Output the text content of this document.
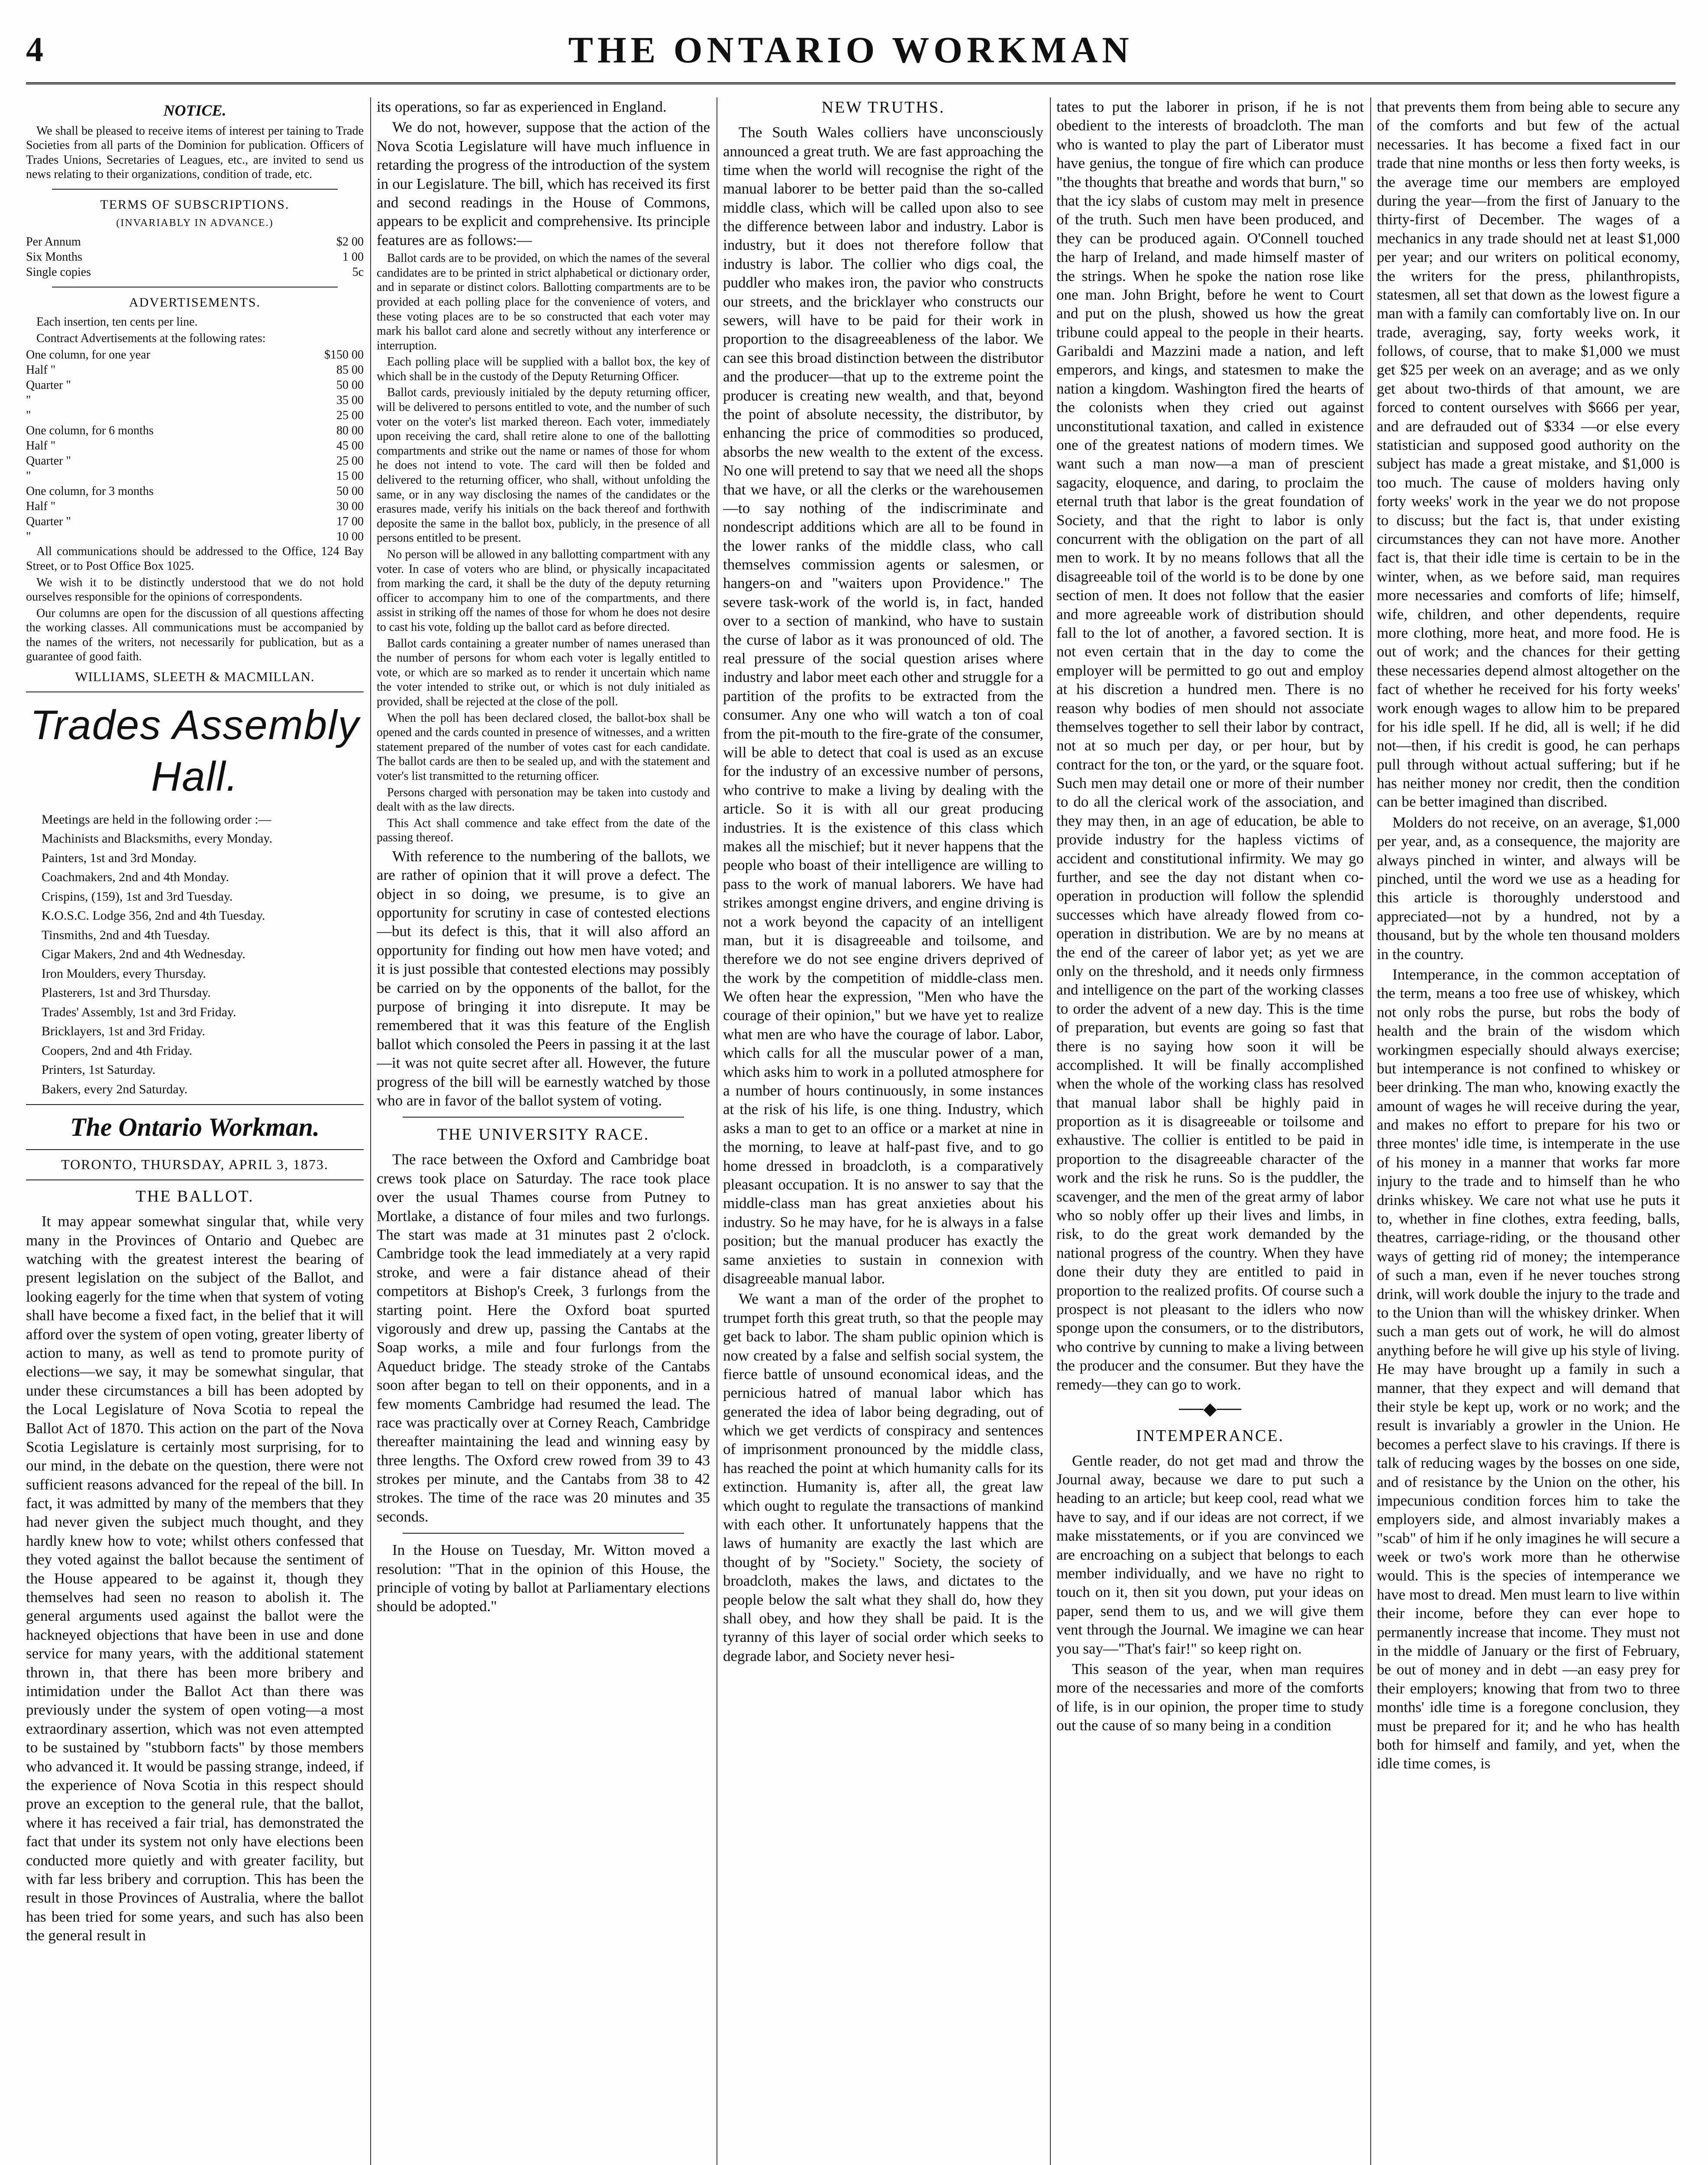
4	THE ONTARIO WORKMAN
NOTICE.

We shall be pleased to receive items of interest per taining to Trade Societies from all parts of the Dominion for publication. Officers of Trades Unions, Secretaries of Leagues, etc., are invited to send us news relating to their organizations, condition of trade, etc.

TERMS OF SUBSCRIPTIONS.
(INVARIABLY IN ADVANCE.)
Per Annum	$2 00
Six Months	1 00
Single copies	5c
ADVERTISEMENTS.

Each insertion, ten cents per line.

Contract Advertisements at the following rates:

One column, for one year	$150 00
Half "	85 00
Quarter "	50 00
"	35 00
"	25 00
One column, for 6 months	80 00
Half "	45 00
Quarter "	25 00
"	15 00
One column, for 3 months	50 00
Half "	30 00
Quarter "	17 00
"	10 00

All communications should be addressed to the Office, 124 Bay Street, or to Post Office Box 1025.

We wish it to be distinctly understood that we do not hold ourselves responsible for the opinions of correspondents.

Our columns are open for the discussion of all questions affecting the working classes. All communications must be accompanied by the names of the writers, not necessarily for publication, but as a guarantee of good faith.

WILLIAMS, SLEETH & MACMILLAN.
Trades Assembly Hall.

Meetings are held in the following order :—

Machinists and Blacksmiths, every Monday.

Painters, 1st and 3rd Monday.

Coachmakers, 2nd and 4th Monday.

Crispins, (159), 1st and 3rd Tuesday.

K.O.S.C. Lodge 356, 2nd and 4th Tuesday.

Tinsmiths, 2nd and 4th Tuesday.

Cigar Makers, 2nd and 4th Wednesday.

Iron Moulders, every Thursday.

Plasterers, 1st and 3rd Thursday.

Trades' Assembly, 1st and 3rd Friday.

Bricklayers, 1st and 3rd Friday.

Coopers, 2nd and 4th Friday.

Printers, 1st Saturday.

Bakers, every 2nd Saturday.

The Ontario Workman.
TORONTO, THURSDAY, APRIL 3, 1873.
THE BALLOT.

It may appear somewhat singular that, while very many in the Provinces of Ontario and Quebec are watching with the greatest interest the bearing of present legislation on the subject of the Ballot, and looking eagerly for the time when that system of voting shall have become a fixed fact, in the belief that it will afford over the system of open voting, greater liberty of action to many, as well as tend to promote purity of elections—we say, it may be somewhat singular, that under these circumstances a bill has been adopted by the Local Legislature of Nova Scotia to repeal the Ballot Act of 1870. This action on the part of the Nova Scotia Legislature is certainly most surprising, for to our mind, in the debate on the question, there were not sufficient reasons advanced for the repeal of the bill. In fact, it was admitted by many of the members that they had never given the subject much thought, and they hardly knew how to vote; whilst others confessed that they voted against the ballot because the sentiment of the House appeared to be against it, though they themselves had seen no reason to abolish it. The general arguments used against the ballot were the hackneyed objections that have been in use and done service for many years, with the additional statement thrown in, that there has been more bribery and intimidation under the Ballot Act than there was previously under the system of open voting—a most extraordinary assertion, which was not even attempted to be sustained by "stubborn facts" by those members who advanced it. It would be passing strange, indeed, if the experience of Nova Scotia in this respect should prove an exception to the general rule, that the ballot, where it has received a fair trial, has demonstrated the fact that under its system not only have elections been conducted more quietly and with greater facility, but with far less bribery and corruption. This has been the result in those Provinces of Australia, where the ballot has been tried for some years, and such has also been the general result in

its operations, so far as experienced in England.

We do not, however, suppose that the action of the Nova Scotia Legislature will have much influence in retarding the progress of the introduction of the system in our Legislature. The bill, which has received its first and second readings in the House of Commons, appears to be explicit and comprehensive. Its principle features are as follows:—

Ballot cards are to be provided, on which the names of the several candidates are to be printed in strict alphabetical or dictionary order, and in separate or distinct colors. Ballotting compartments are to be provided at each polling place for the convenience of voters, and these voting places are to be so constructed that each voter may mark his ballot card alone and secretly without any interference or interruption.

Each polling place will be supplied with a ballot box, the key of which shall be in the custody of the Deputy Returning Officer.

Ballot cards, previously initialed by the deputy returning officer, will be delivered to persons entitled to vote, and the number of such voter on the voter's list marked thereon. Each voter, immediately upon receiving the card, shall retire alone to one of the ballotting compartments and strike out the name or names of those for whom he does not intend to vote. The card will then be folded and delivered to the returning officer, who shall, without unfolding the same, or in any way disclosing the names of the candidates or the erasures made, verify his initials on the back thereof and forthwith deposite the same in the ballot box, publicly, in the presence of all persons entitled to be present.

No person will be allowed in any ballotting compartment with any voter. In case of voters who are blind, or physically incapacitated from marking the card, it shall be the duty of the deputy returning officer to accompany him to one of the compartments, and there assist in striking off the names of those for whom he does not desire to cast his vote, folding up the ballot card as before directed.

Ballot cards containing a greater number of names unerased than the number of persons for whom each voter is legally entitled to vote, or which are so marked as to render it uncertain which name the voter intended to strike out, or which is not duly initialed as provided, shall be rejected at the close of the poll.

When the poll has been declared closed, the ballot-box shall be opened and the cards counted in presence of witnesses, and a written statement prepared of the number of votes cast for each candidate. The ballot cards are then to be sealed up, and with the statement and voter's list transmitted to the returning officer.

Persons charged with personation may be taken into custody and dealt with as the law directs.

This Act shall commence and take effect from the date of the passing thereof.

With reference to the numbering of the ballots, we are rather of opinion that it will prove a defect. The object in so doing, we presume, is to give an opportunity for scrutiny in case of contested elections—but its defect is this, that it will also afford an opportunity for finding out how men have voted; and it is just possible that contested elections may possibly be carried on by the opponents of the ballot, for the purpose of bringing it into disrepute. It may be remembered that it was this feature of the English ballot which consoled the Peers in passing it at the last—it was not quite secret after all. However, the future progress of the bill will be earnestly watched by those who are in favor of the ballot system of voting.

THE UNIVERSITY RACE.

The race between the Oxford and Cambridge boat crews took place on Saturday. The race took place over the usual Thames course from Putney to Mortlake, a distance of four miles and two furlongs. The start was made at 31 minutes past 2 o'clock. Cambridge took the lead immediately at a very rapid stroke, and were a fair distance ahead of their competitors at Bishop's Creek, 3 furlongs from the starting point. Here the Oxford boat spurted vigorously and drew up, passing the Cantabs at the Soap works, a mile and four furlongs from the Aqueduct bridge. The steady stroke of the Cantabs soon after began to tell on their opponents, and in a few moments Cambridge had resumed the lead. The race was practically over at Corney Reach, Cambridge thereafter maintaining the lead and winning easy by three lengths. The Oxford crew rowed from 39 to 43 strokes per minute, and the Cantabs from 38 to 42 strokes. The time of the race was 20 minutes and 35 seconds.

In the House on Tuesday, Mr. Witton moved a resolution: "That in the opinion of this House, the principle of voting by ballot at Parliamentary elections should be adopted."

NEW TRUTHS.

The South Wales colliers have unconsciously announced a great truth. We are fast approaching the time when the world will recognise the right of the manual laborer to be better paid than the so-called middle class, which will be called upon also to see the difference between labor and industry. Labor is industry, but it does not therefore follow that industry is labor. The collier who digs coal, the puddler who makes iron, the pavior who constructs our streets, and the bricklayer who constructs our sewers, will have to be paid for their work in proportion to the disagreeableness of the labor. We can see this broad distinction between the distributor and the producer—that up to the extreme point the producer is creating new wealth, and that, beyond the point of absolute necessity, the distributor, by enhancing the price of commodities so produced, absorbs the new wealth to the extent of the excess. No one will pretend to say that we need all the shops that we have, or all the clerks or the warehousemen—to say nothing of the indiscriminate and nondescript additions which are all to be found in the lower ranks of the middle class, who call themselves commission agents or salesmen, or hangers-on and "waiters upon Providence." The severe task-work of the world is, in fact, handed over to a section of mankind, who have to sustain the curse of labor as it was pronounced of old. The real pressure of the social question arises where industry and labor meet each other and struggle for a partition of the profits to be extracted from the consumer. Any one who will watch a ton of coal from the pit-mouth to the fire-grate of the consumer, will be able to detect that coal is used as an excuse for the industry of an excessive number of persons, who contrive to make a living by dealing with the article. So it is with all our great producing industries. It is the existence of this class which makes all the mischief; but it never happens that the people who boast of their intelligence are willing to pass to the work of manual laborers. We have had strikes amongst engine drivers, and engine driving is not a work beyond the capacity of an intelligent man, but it is disagreeable and toilsome, and therefore we do not see engine drivers deprived of the work by the competition of middle-class men. We often hear the expression, "Men who have the courage of their opinion," but we have yet to realize what men are who have the courage of labor. Labor, which calls for all the muscular power of a man, which asks him to work in a polluted atmosphere for a number of hours continuously, in some instances at the risk of his life, is one thing. Industry, which asks a man to get to an office or a market at nine in the morning, to leave at half-past five, and to go home dressed in broadcloth, is a comparatively pleasant occupation. It is no answer to say that the middle-class man has great anxieties about his industry. So he may have, for he is always in a false position; but the manual producer has exactly the same anxieties to sustain in connexion with disagreeable manual labor.

We want a man of the order of the prophet to trumpet forth this great truth, so that the people may get back to labor. The sham public opinion which is now created by a false and selfish social system, the fierce battle of unsound economical ideas, and the pernicious hatred of manual labor which has generated the idea of labor being degrading, out of which we get verdicts of conspiracy and sentences of imprisonment pronounced by the middle class, has reached the point at which humanity calls for its extinction. Humanity is, after all, the great law which ought to regulate the transactions of mankind with each other. It unfortunately happens that the laws of humanity are exactly the last which are thought of by "Society." Society, the society of broadcloth, makes the laws, and dictates to the people below the salt what they shall do, how they shall obey, and how they shall be paid. It is the tyranny of this layer of social order which seeks to degrade labor, and Society never hesi-

tates to put the laborer in prison, if he is not obedient to the interests of broadcloth. The man who is wanted to play the part of Liberator must have genius, the tongue of fire which can produce "the thoughts that breathe and words that burn," so that the icy slabs of custom may melt in presence of the truth. Such men have been produced, and they can be produced again. O'Connell touched the harp of Ireland, and made himself master of the strings. When he spoke the nation rose like one man. John Bright, before he went to Court and put on the plush, showed us how the great tribune could appeal to the people in their hearts. Garibaldi and Mazzini made a nation, and left emperors, and kings, and statesmen to make the nation a kingdom. Washington fired the hearts of the colonists when they cried out against unconstitutional taxation, and called in existence one of the greatest nations of modern times. We want such a man now—a man of prescient sagacity, eloquence, and daring, to proclaim the eternal truth that labor is the great foundation of Society, and that the right to labor is only concurrent with the obligation on the part of all men to work. It by no means follows that all the disagreeable toil of the world is to be done by one section of men. It does not follow that the easier and more agreeable work of distribution should fall to the lot of another, a favored section. It is not even certain that in the day to come the employer will be permitted to go out and employ at his discretion a hundred men. There is no reason why bodies of men should not associate themselves together to sell their labor by contract, not at so much per day, or per hour, but by contract for the ton, or the yard, or the square foot. Such men may detail one or more of their number to do all the clerical work of the association, and they may then, in an age of education, be able to provide industry for the hapless victims of accident and constitutional infirmity. We may go further, and see the day not distant when co-operation in production will follow the splendid successes which have already flowed from co-operation in distribution. We are by no means at the end of the career of labor yet; as yet we are only on the threshold, and it needs only firmness and intelligence on the part of the working classes to order the advent of a new day. This is the time of preparation, but events are going so fast that there is no saying how soon it will be accomplished. It will be finally accomplished when the whole of the working class has resolved that manual labor shall be highly paid in proportion as it is disagreeable or toilsome and exhaustive. The collier is entitled to be paid in proportion to the disagreeable character of the work and the risk he runs. So is the puddler, the scavenger, and the men of the great army of labor who so nobly offer up their lives and limbs, in risk, to do the great work demanded by the national progress of the country. When they have done their duty they are entitled to paid in proportion to the realized profits. Of course such a prospect is not pleasant to the idlers who now sponge upon the consumers, or to the distributors, who contrive by cunning to make a living between the producer and the consumer. But they have the remedy—they can go to work.

──◆──
INTEMPERANCE.

Gentle reader, do not get mad and throw the Journal away, because we dare to put such a heading to an article; but keep cool, read what we have to say, and if our ideas are not correct, if we make misstatements, or if you are convinced we are encroaching on a subject that belongs to each member individually, and we have no right to touch on it, then sit you down, put your ideas on paper, send them to us, and we will give them vent through the Journal. We imagine we can hear you say—"That's fair!" so keep right on.

This season of the year, when man requires more of the necessaries and more of the comforts of life, is in our opinion, the proper time to study out the cause of so many being in a condition

that prevents them from being able to secure any of the comforts and but few of the actual necessaries. It has become a fixed fact in our trade that nine months or less then forty weeks, is the average time our members are employed during the year—from the first of January to the thirty-first of December. The wages of a mechanics in any trade should net at least $1,000 per year; and our writers on political economy, the writers for the press, philanthropists, statesmen, all set that down as the lowest figure a man with a family can comfortably live on. In our trade, averaging, say, forty weeks work, it follows, of course, that to make $1,000 we must get $25 per week on an average; and as we only get about two-thirds of that amount, we are forced to content ourselves with $666 per year, and are defrauded out of $334 —or else every statistician and supposed good authority on the subject has made a great mistake, and $1,000 is too much. The cause of molders having only forty weeks' work in the year we do not propose to discuss; but the fact is, that under existing circumstances they can not have more. Another fact is, that their idle time is certain to be in the winter, when, as we before said, man requires more necessaries and comforts of life; himself, wife, children, and other dependents, require more clothing, more heat, and more food. He is out of work; and the chances for their getting these necessaries depend almost altogether on the fact of whether he received for his forty weeks' work enough wages to allow him to be prepared for his idle spell. If he did, all is well; if he did not—then, if his credit is good, he can perhaps pull through without actual suffering; but if he has neither money nor credit, then the condition can be better imagined than discribed.

Molders do not receive, on an average, $1,000 per year, and, as a consequence, the majority are always pinched in winter, and always will be pinched, until the word we use as a heading for this article is thoroughly understood and appreciated—not by a hundred, not by a thousand, but by the whole ten thousand molders in the country.

Intemperance, in the common acceptation of the term, means a too free use of whiskey, which not only robs the purse, but robs the body of health and the brain of the wisdom which workingmen especially should always exercise; but intemperance is not confined to whiskey or beer drinking. The man who, knowing exactly the amount of wages he will receive during the year, and makes no effort to prepare for his two or three montes' idle time, is intemperate in the use of his money in a manner that works far more injury to the trade and to himself than he who drinks whiskey. We care not what use he puts it to, whether in fine clothes, extra feeding, balls, theatres, carriage-riding, or the thousand other ways of getting rid of money; the intemperance of such a man, even if he never touches strong drink, will work double the injury to the trade and to the Union than will the whiskey drinker. When such a man gets out of work, he will do almost anything before he will give up his style of living. He may have brought up a family in such a manner, that they expect and will demand that their style be kept up, work or no work; and the result is invariably a growler in the Union. He becomes a perfect slave to his cravings. If there is talk of reducing wages by the bosses on one side, and of resistance by the Union on the other, his impecunious condition forces him to take the employers side, and almost invariably makes a "scab" of him if he only imagines he will secure a week or two's work more than he otherwise would. This is the species of intemperance we have most to dread. Men must learn to live within their income, before they can ever hope to permanently increase that income. They must not in the middle of January or the first of February, be out of money and in debt —an easy prey for their employers; knowing that from two to three months' idle time is a foregone conclusion, they must be prepared for it; and he who has health both for himself and family, and yet, when the idle time comes, is
